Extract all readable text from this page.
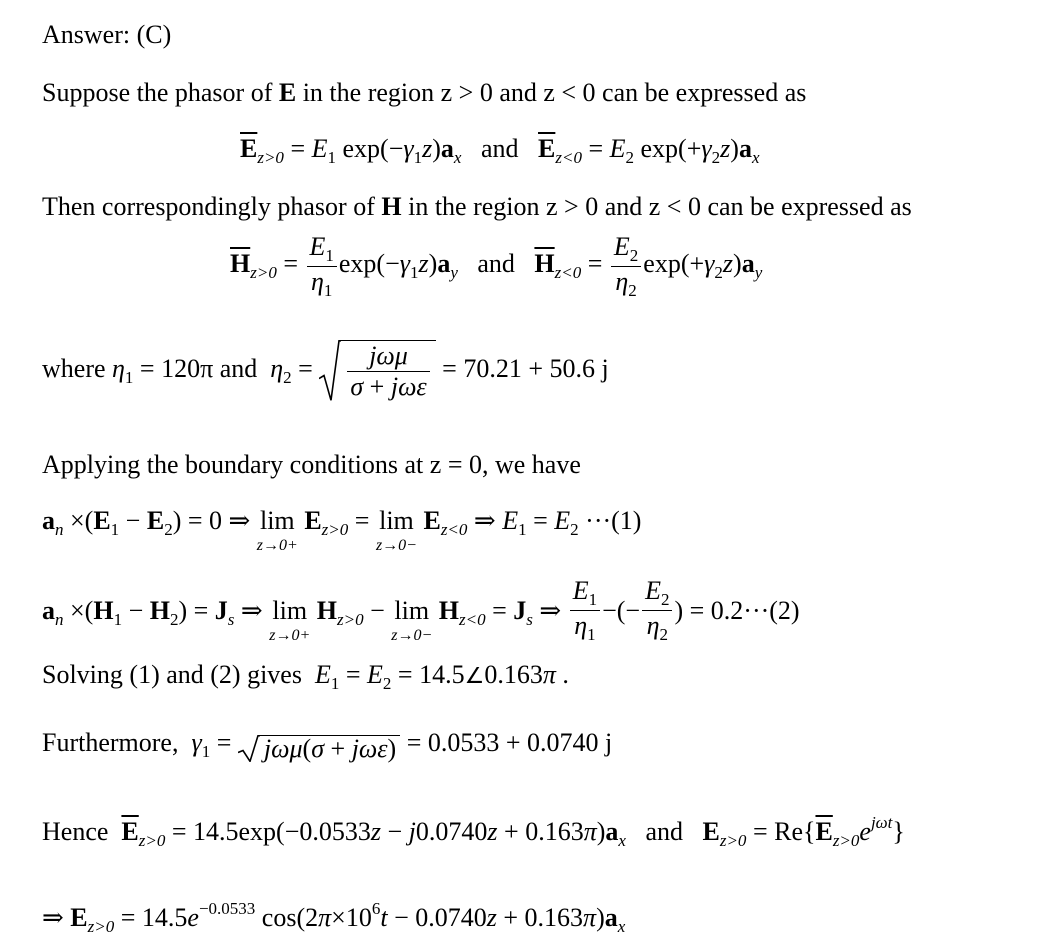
Answer: (C)
Suppose the phasor of E in the region z > 0 and z < 0 can be expressed as
$\overline{E}_{z>0} = E_1$ $\exp(-\gamma_1z)a_x$   and   $\overline{E}_{z<0} = E_2$ $\exp(+\gamma_2z)a_x$
Then correspondingly phasor of H in the region z > 0 and z < 0 can be expressed as
$\overline{H}_{z>0} = \frac{E_1}{\eta_1} \exp(-\gamma_1z)a_y$   and   $\overline{H}_{z<0} = \frac{E_2}{\eta_2} \exp(+\gamma_2z)a_y$
where $\eta_1 = 120\pi$ and $\eta_2 = \frac{\text{jωμ}}{\text{σ + jωε}} = 70.21 + 50.6$ j
Applying the boundary conditions at z = 0, we have
$a_n \times(E_1 - E_2) = 0$ ⇒ lim
z→0+
$E_{z>0} = \lim$
z→0−
$E_{z<0}$ ⇒ $E_1 = E_2 \cdot\cdot\cdot(1)$
$a_n \times(H_1 - H_2) = J_s$ ⇒ lim
z→0+
$H_{z>0} - \lim$
z→0−
$H_{z<0} = J_s$ ⇒ $\frac{E_1}{\eta_1}$ −(− $\frac{E_2}{\eta_2}$ ) = 0.2···(2)
Solving (1) and (2) gives $E_1 = E_2$ = 14.5∠0.163π .
Furthermore, $\gamma_1$ =
jωμ(σ + jωε) = 0.0533 + 0.0740 j
Hence $\overline{E}_{z>0} = 14.5\exp(-0.0533z - j0.0740z + 0.163\pi)a_x$   and   $E_{z>0} = Re\{\overline{E}_{z>0}e^{j\omega t}\}$
⇒ $E_{z>0} = 14.5e^{-0.0533}$ $\cos(2\pi\times 10^6t - 0.0740z + 0.163\pi)a_x$
